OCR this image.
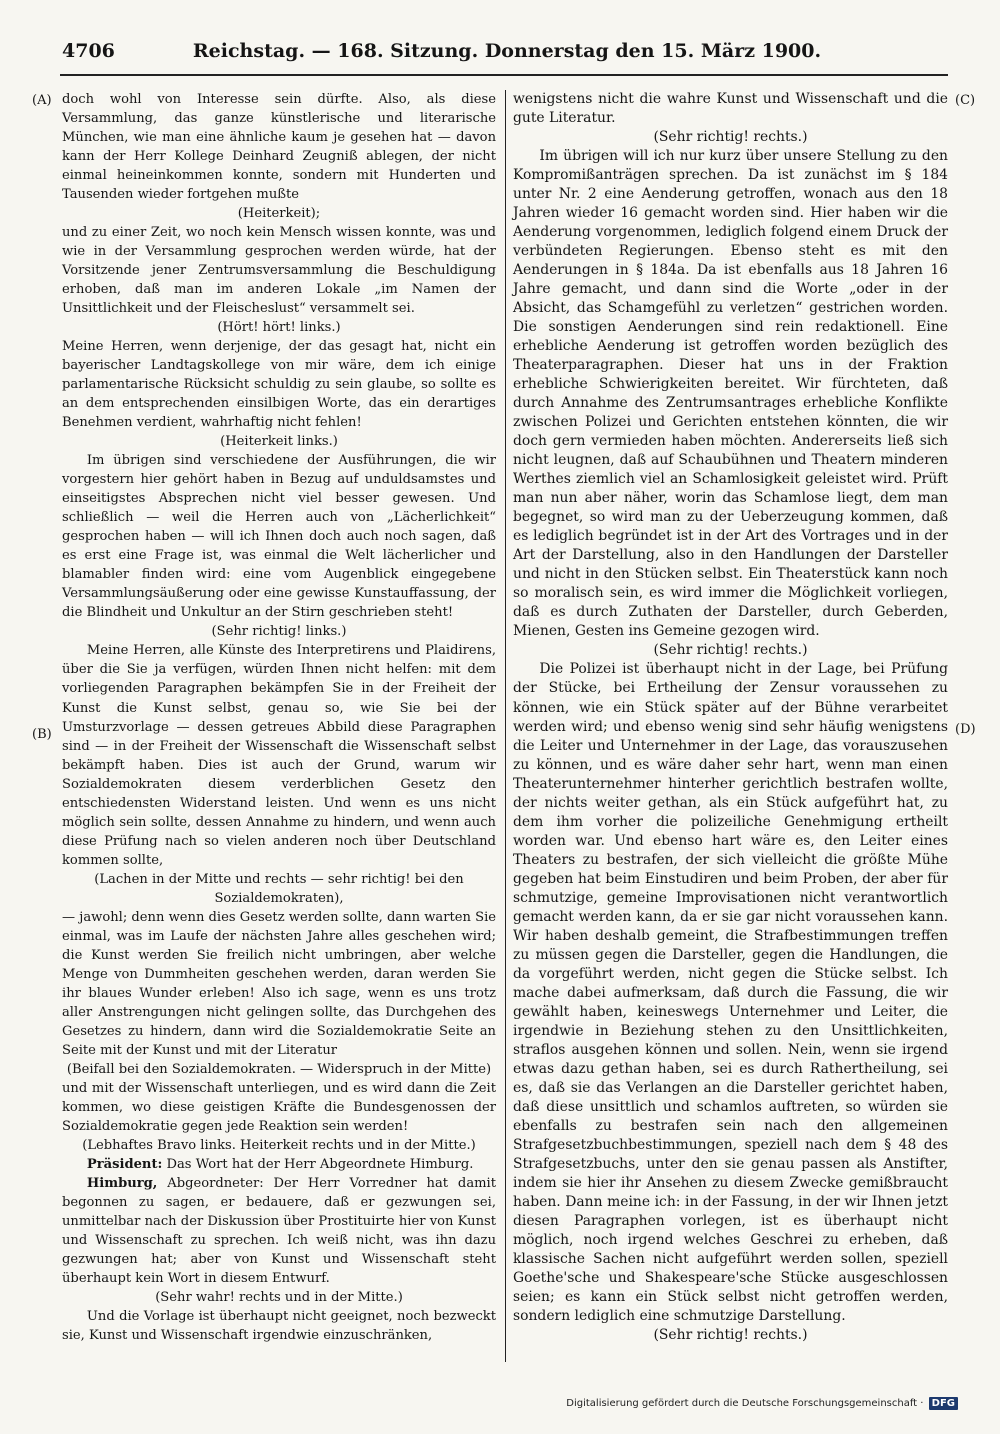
4706	Reichstag. — 168. Sitzung. Donnerstag den 15. März 1900.
(A)
(B)
(C)
(D)

doch wohl von Interesse sein dürfte. Also, als diese Versammlung, das ganze künstlerische und literarische München, wie man eine ähnliche kaum je gesehen hat — davon kann der Herr Kollege Deinhard Zeugniß ablegen, der nicht einmal heineinkommen konnte, sondern mit Hunderten und Tausenden wieder fortgehen mußte

(Heiterkeit);

und zu einer Zeit, wo noch kein Mensch wissen konnte, was und wie in der Versammlung gesprochen werden würde, hat der Vorsitzende jener Zentrumsversammlung die Beschuldigung erhoben, daß man im anderen Lokale „im Namen der Unsittlichkeit und der Fleischeslust“ versammelt sei.

(Hört! hört! links.)

Meine Herren, wenn derjenige, der das gesagt hat, nicht ein bayerischer Landtagskollege von mir wäre, dem ich einige parlamentarische Rücksicht schuldig zu sein glaube, so sollte es an dem entsprechenden einsilbigen Worte, das ein derartiges Benehmen verdient, wahrhaftig nicht fehlen!

(Heiterkeit links.)

Im übrigen sind verschiedene der Ausführungen, die wir vorgestern hier gehört haben in Bezug auf unduldsamstes und einseitigstes Absprechen nicht viel besser gewesen. Und schließlich — weil die Herren auch von „Lächerlichkeit“ gesprochen haben — will ich Ihnen doch auch noch sagen, daß es erst eine Frage ist, was einmal die Welt lächerlicher und blamabler finden wird: eine vom Augenblick eingegebene Versammlungsäußerung oder eine gewisse Kunstauffassung, der die Blindheit und Unkultur an der Stirn geschrieben steht!

(Sehr richtig! links.)

Meine Herren, alle Künste des Interpretirens und Plaidirens, über die Sie ja verfügen, würden Ihnen nicht helfen: mit dem vorliegenden Paragraphen bekämpfen Sie in der Freiheit der Kunst die Kunst selbst, genau so, wie Sie bei der Umsturzvorlage — dessen getreues Abbild diese Paragraphen sind — in der Freiheit der Wissenschaft die Wissenschaft selbst bekämpft haben. Dies ist auch der Grund, warum wir Sozialdemokraten diesem verderblichen Gesetz den entschiedensten Widerstand leisten. Und wenn es uns nicht möglich sein sollte, dessen Annahme zu hindern, und wenn auch diese Prüfung nach so vielen anderen noch über Deutschland kommen sollte,

(Lachen in der Mitte und rechts — sehr richtig! bei den Sozialdemokraten),

— jawohl; denn wenn dies Gesetz werden sollte, dann warten Sie einmal, was im Laufe der nächsten Jahre alles geschehen wird; die Kunst werden Sie freilich nicht umbringen, aber welche Menge von Dummheiten geschehen werden, daran werden Sie ihr blaues Wunder erleben! Also ich sage, wenn es uns trotz aller Anstrengungen nicht gelingen sollte, das Durchgehen des Gesetzes zu hindern, dann wird die Sozialdemokratie Seite an Seite mit der Kunst und mit der Literatur

(Beifall bei den Sozialdemokraten. — Widerspruch in der Mitte)

und mit der Wissenschaft unterliegen, und es wird dann die Zeit kommen, wo diese geistigen Kräfte die Bundesgenossen der Sozialdemokratie gegen jede Reaktion sein werden!

(Lebhaftes Bravo links. Heiterkeit rechts und in der Mitte.)

Präsident: Das Wort hat der Herr Abgeordnete Himburg.

Himburg, Abgeordneter: Der Herr Vorredner hat damit begonnen zu sagen, er bedauere, daß er gezwungen sei, unmittelbar nach der Diskussion über Prostituirte hier von Kunst und Wissenschaft zu sprechen. Ich weiß nicht, was ihn dazu gezwungen hat; aber von Kunst und Wissenschaft steht überhaupt kein Wort in diesem Entwurf.

(Sehr wahr! rechts und in der Mitte.)

Und die Vorlage ist überhaupt nicht geeignet, noch bezweckt sie, Kunst und Wissenschaft irgendwie einzuschränken,

wenigstens nicht die wahre Kunst und Wissenschaft und die gute Literatur.

(Sehr richtig! rechts.)

Im übrigen will ich nur kurz über unsere Stellung zu den Kompromißanträgen sprechen. Da ist zunächst im § 184 unter Nr. 2 eine Aenderung getroffen, wonach aus den 18 Jahren wieder 16 gemacht worden sind. Hier haben wir die Aenderung vorgenommen, lediglich folgend einem Druck der verbündeten Regierungen. Ebenso steht es mit den Aenderungen in § 184a. Da ist ebenfalls aus 18 Jahren 16 Jahre gemacht, und dann sind die Worte „oder in der Absicht, das Schamgefühl zu verletzen“ gestrichen worden. Die sonstigen Aenderungen sind rein redaktionell. Eine erhebliche Aenderung ist getroffen worden bezüglich des Theaterparagraphen. Dieser hat uns in der Fraktion erhebliche Schwierigkeiten bereitet. Wir fürchteten, daß durch Annahme des Zentrumsantrages erhebliche Konflikte zwischen Polizei und Gerichten entstehen könnten, die wir doch gern vermieden haben möchten. Andererseits ließ sich nicht leugnen, daß auf Schaubühnen und Theatern minderen Werthes ziemlich viel an Schamlosigkeit geleistet wird. Prüft man nun aber näher, worin das Schamlose liegt, dem man begegnet, so wird man zu der Ueberzeugung kommen, daß es lediglich begründet ist in der Art des Vortrages und in der Art der Darstellung, also in den Handlungen der Darsteller und nicht in den Stücken selbst. Ein Theaterstück kann noch so moralisch sein, es wird immer die Möglichkeit vorliegen, daß es durch Zuthaten der Darsteller, durch Geberden, Mienen, Gesten ins Gemeine gezogen wird.

(Sehr richtig! rechts.)

Die Polizei ist überhaupt nicht in der Lage, bei Prüfung der Stücke, bei Ertheilung der Zensur voraussehen zu können, wie ein Stück später auf der Bühne verarbeitet werden wird; und ebenso wenig sind sehr häufig wenigstens die Leiter und Unternehmer in der Lage, das vorauszusehen zu können, und es wäre daher sehr hart, wenn man einen Theaterunternehmer hinterher gerichtlich bestrafen wollte, der nichts weiter gethan, als ein Stück aufgeführt hat, zu dem ihm vorher die polizeiliche Genehmigung ertheilt worden war. Und ebenso hart wäre es, den Leiter eines Theaters zu bestrafen, der sich vielleicht die größte Mühe gegeben hat beim Einstudiren und beim Proben, der aber für schmutzige, gemeine Improvisationen nicht verantwortlich gemacht werden kann, da er sie gar nicht voraussehen kann. Wir haben deshalb gemeint, die Strafbestimmungen treffen zu müssen gegen die Darsteller, gegen die Handlungen, die da vorgeführt werden, nicht gegen die Stücke selbst. Ich mache dabei aufmerksam, daß durch die Fassung, die wir gewählt haben, keineswegs Unternehmer und Leiter, die irgendwie in Beziehung stehen zu den Unsittlichkeiten, straflos ausgehen können und sollen. Nein, wenn sie irgend etwas dazu gethan haben, sei es durch Rathertheilung, sei es, daß sie das Verlangen an die Darsteller gerichtet haben, daß diese unsittlich und schamlos auftreten, so würden sie ebenfalls zu bestrafen sein nach den allgemeinen Strafgesetzbuchbestimmungen, speziell nach dem § 48 des Strafgesetzbuchs, unter den sie genau passen als Anstifter, indem sie hier ihr Ansehen zu diesem Zwecke gemißbraucht haben. Dann meine ich: in der Fassung, in der wir Ihnen jetzt diesen Paragraphen vorlegen, ist es überhaupt nicht möglich, noch irgend welches Geschrei zu erheben, daß klassische Sachen nicht aufgeführt werden sollen, speziell Goethe'sche und Shakespeare'sche Stücke ausgeschlossen seien; es kann ein Stück selbst nicht getroffen werden, sondern lediglich eine schmutzige Darstellung.

(Sehr richtig! rechts.)

Digitalisierung gefördert durch die Deutsche Forschungsgemeinschaft · DFG
